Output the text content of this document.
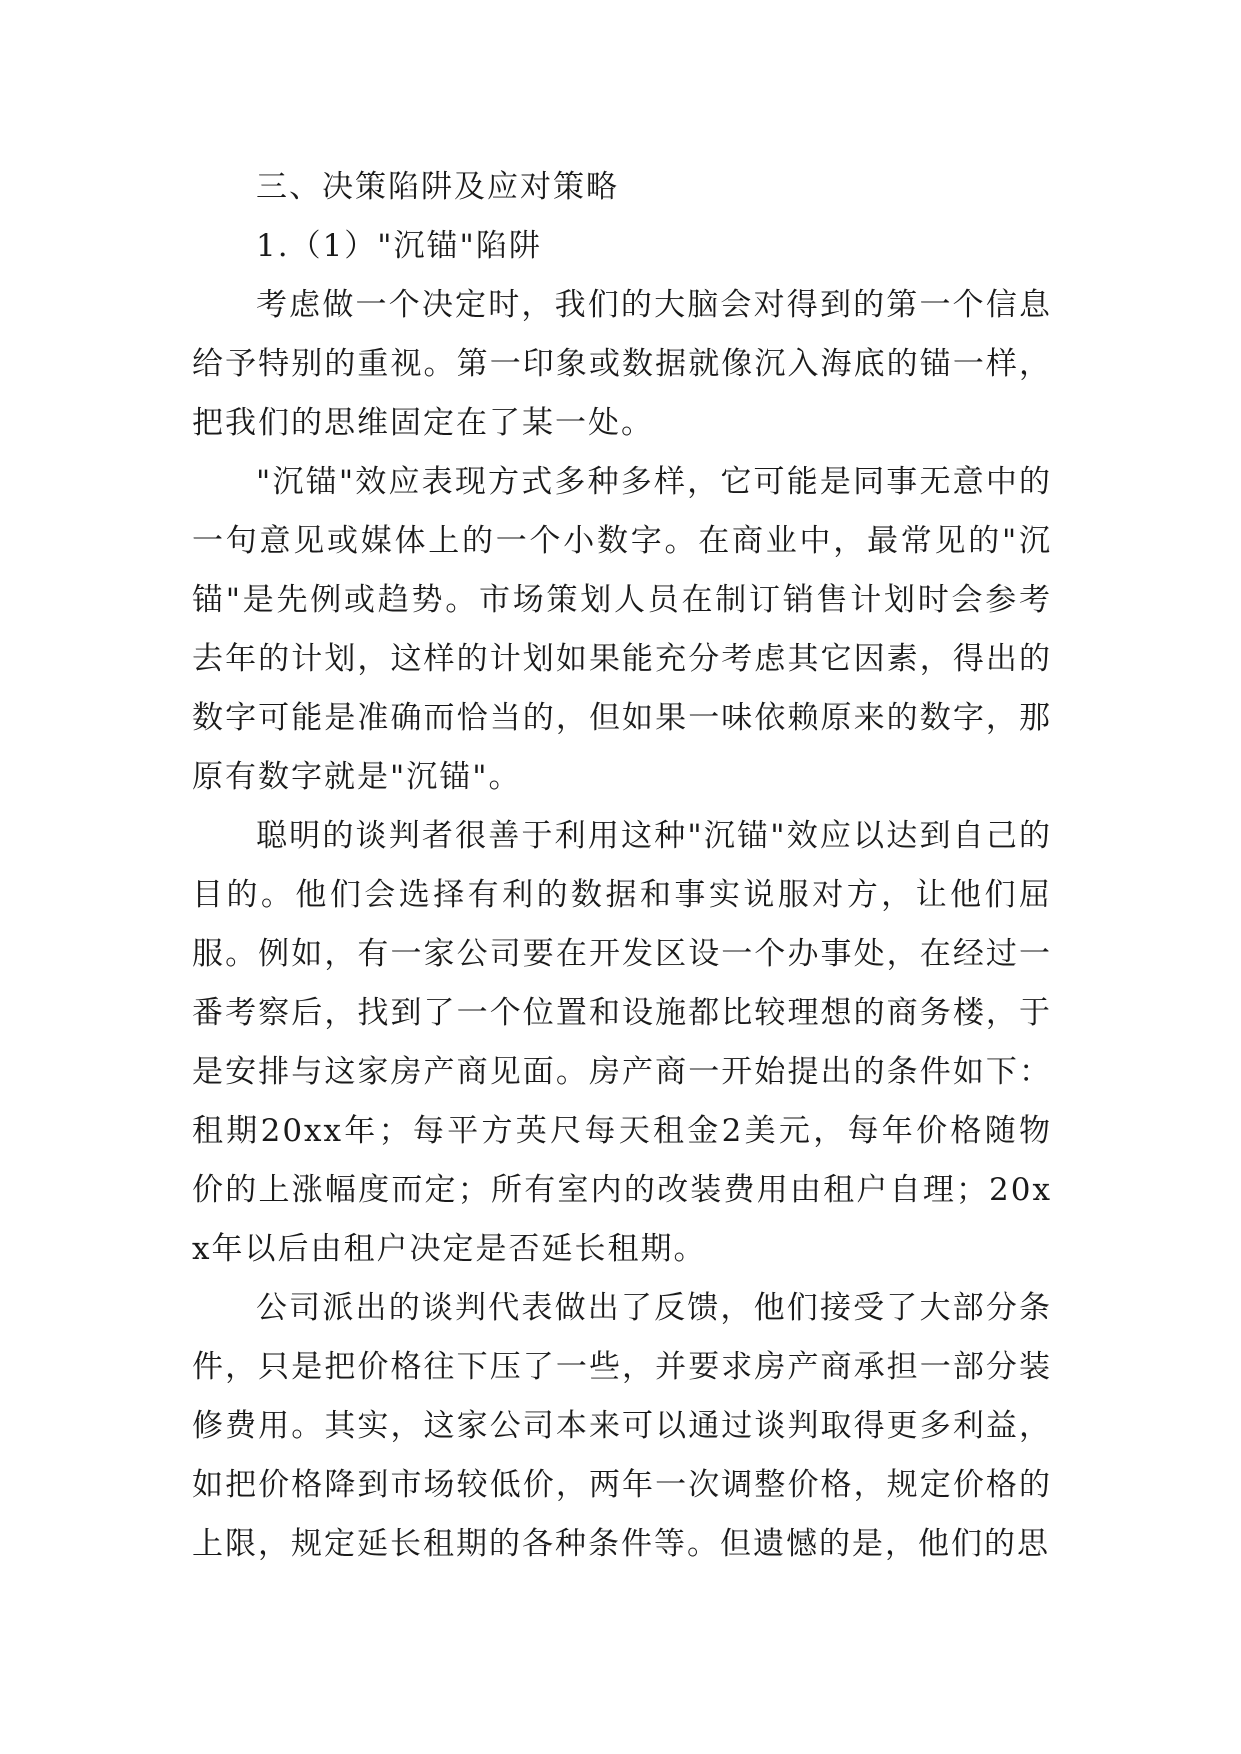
三、决策陷阱及应对策略

1.（1）"沉锚"陷阱

考虑做一个决定时，我们的大脑会对得到的第一个信息给予特别的重视。第一印象或数据就像沉入海底的锚一样，把我们的思维固定在了某一处。

"沉锚"效应表现方式多种多样，它可能是同事无意中的一句意见或媒体上的一个小数字。在商业中，最常见的"沉锚"是先例或趋势。市场策划人员在制订销售计划时会参考去年的计划，这样的计划如果能充分考虑其它因素，得出的数字可能是准确而恰当的，但如果一味依赖原来的数字，那原有数字就是"沉锚"。

聪明的谈判者很善于利用这种"沉锚"效应以达到自己的目的。他们会选择有利的数据和事实说服对方，让他们屈服。例如，有一家公司要在开发区设一个办事处，在经过一番考察后，找到了一个位置和设施都比较理想的商务楼，于是安排与这家房产商见面。房产商一开始提出的条件如下：租期20xx年；每平方英尺每天租金2美元，每年价格随物价的上涨幅度而定；所有室内的改装费用由租户自理；20xx年以后由租户决定是否延长租期。

公司派出的谈判代表做出了反馈，他们接受了大部分条件，只是把价格往下压了一些，并要求房产商承担一部分装修费用。其实，这家公司本来可以通过谈判取得更多利益，如把价格降到市场较低价，两年一次调整价格，规定价格的上限，规定延长租期的各种条件等。但遗憾的是，他们的思
